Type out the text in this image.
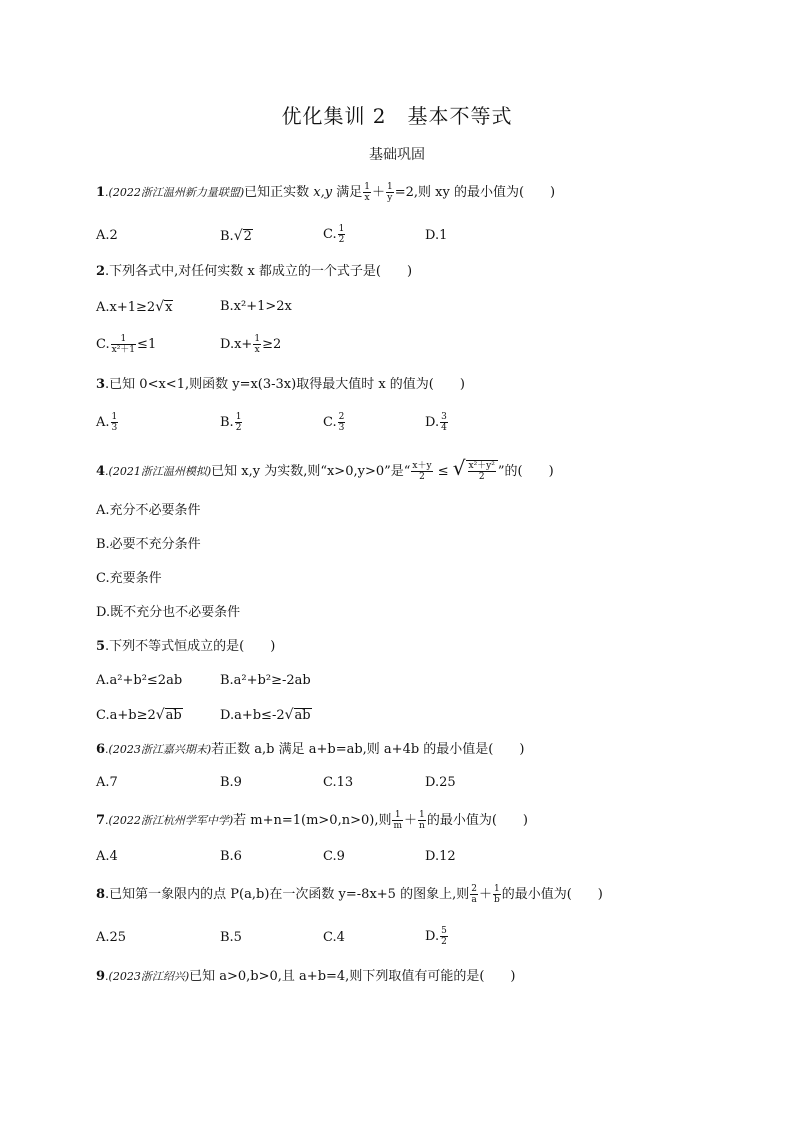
优化集训 2　基本不等式
基础巩固
1.(2022浙江温州新力量联盟)已知正实数 x,y 满足 $\frac{1}{x} + \frac{1}{y} =2$,则 xy 的最小值为(　　)
A.2	B.√2	C. $\frac{1}{2}$	D.1
2.下列各式中,对任何实数 x 都成立的一个式子是(　　)
A.x+1≥2√x	B.x²+1>2x
C. $\frac{1}{\text{x²＋1}} \le 1$	$D.x+ \frac{1}{x} \ge 2$
3.已知 0<x<1,则函数 y=x(3-3x)取得最大值时 x 的值为(　　)
A. $\frac{1}{3}$	B. $\frac{1}{2}$	C. $\frac{2}{3}$	D. $\frac{3}{4}$
4.(2021浙江温州模拟)已知 x,y 为实数,则“x>0,y>0”是“ $\frac{x+y}{2}$ ≤ √ $\frac{\text{x²＋y²}}{2}$ ”的(　　)
A.充分不必要条件
B.必要不充分条件
C.充要条件
D.既不充分也不必要条件
5.下列不等式恒成立的是(　　)
A.a²+b²≤2ab	B.a²+b²≥-2ab
C.a+b≥2√ab	D.a+b≤-2√ab
6.(2023浙江嘉兴期末)若正数 a,b 满足 a+b=ab,则 a+4b 的最小值是(　　)
A.7	B.9	C.13	D.25
7.(2022浙江杭州学军中学)若 m+n=1(m>0,n>0),则 $\frac{1}{m} + \frac{1}{n}$ 的最小值为(　　)
A.4	B.6	C.9	D.12
8.已知第一象限内的点 P(a,b)在一次函数 y=-8x+5 的图象上,则 $\frac{2}{a} + \frac{1}{b}$ 的最小值为(　　)
A.25	B.5	C.4	D. $\frac{5}{2}$
9.(2023浙江绍兴)已知 a>0,b>0,且 a+b=4,则下列取值有可能的是(　　)
